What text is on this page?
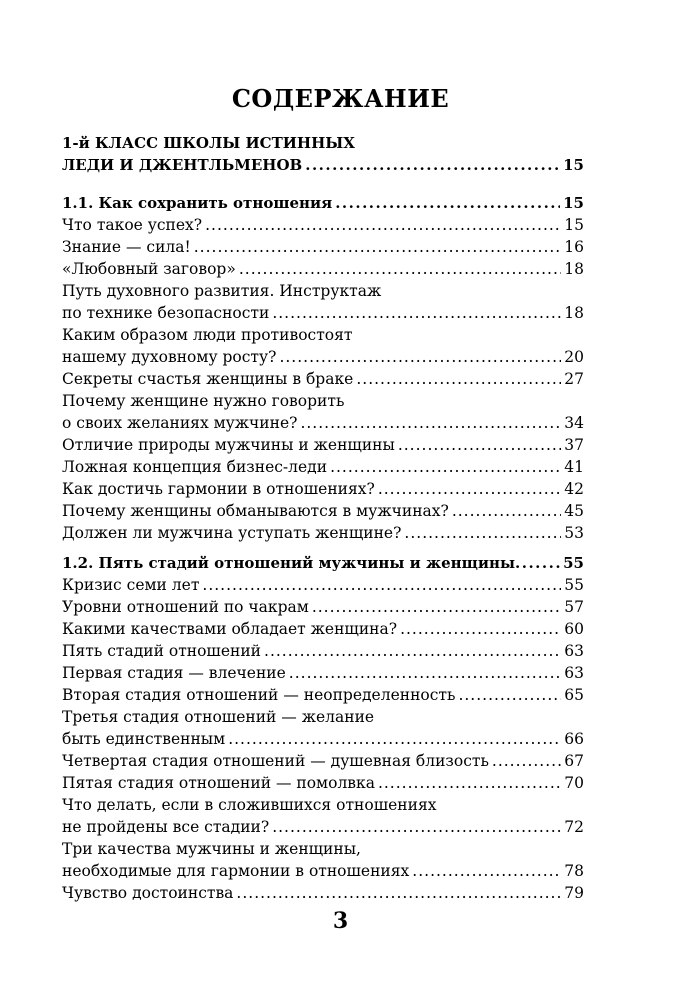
СОДЕРЖАНИЕ
1-й КЛАСС ШКОЛЫ ИСТИННЫХ
ЛЕДИ И ДЖЕНТЛЬМЕНОВ .....	15
1.1. Как сохранить отношения .....	15
Что такое успех? .....	15
Знание — сила! .....	16
«Любовный заговор» .....	18
Путь духовного развития. Инструктаж
по технике безопасности .....	18
Каким образом люди противостоят
нашему духовному росту? .....	20
Секреты счастья женщины в браке .....	27
Почему женщине нужно говорить
о своих желаниях мужчине? .....	34
Отличие природы мужчины и женщины .....	37
Ложная концепция бизнес-леди .....	41
Как достичь гармонии в отношениях? .....	42
Почему женщины обманываются в мужчинах? .....	45
Должен ли мужчина уступать женщине? .....	53
1.2. Пять стадий отношений мужчины и женщины .....	55
Кризис семи лет .....	55
Уровни отношений по чакрам .....	57
Какими качествами обладает женщина? .....	60
Пять стадий отношений .....	63
Первая стадия — влечение .....	63
Вторая стадия отношений — неопределенность .....	65
Третья стадия отношений — желание
быть единственным .....	66
Четвертая стадия отношений — душевная близость .....	67
Пятая стадия отношений — помолвка .....	70
Что делать, если в сложившихся отношениях
не пройдены все стадии? .....	72
Три качества мужчины и женщины,
необходимые для гармонии в отношениях .....	78
Чувство достоинства .....	79
3
